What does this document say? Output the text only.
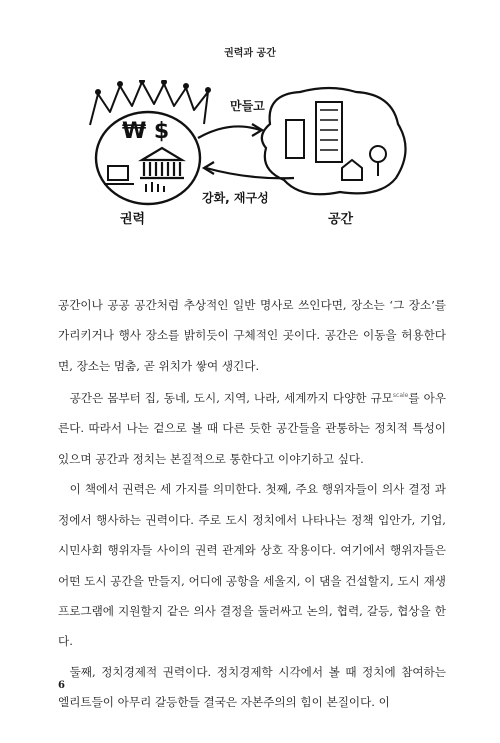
권력과 공간
₩ $
권력
만들고
공간
강화, 재구성

공간이나 공공 공간처럼 추상적인 일반 명사로 쓰인다면, 장소는 ‘그 장소’를 가리키거나 행사 장소를 밝히듯이 구체적인 곳이다. 공간은 이동을 허용한다면, 장소는 멈춤, 곧 위치가 쌓여 생긴다.

공간은 몸부터 집, 동네, 도시, 지역, 나라, 세계까지 다양한 규모$^{scale}$를 아우른다. 따라서 나는 겉으로 볼 때 다른 듯한 공간들을 관통하는 정치적 특성이 있으며 공간과 정치는 본질적으로 통한다고 이야기하고 싶다.

이 책에서 권력은 세 가지를 의미한다. 첫째, 주요 행위자들이 의사 결정 과정에서 행사하는 권력이다. 주로 도시 정치에서 나타나는 정책 입안가, 기업, 시민사회 행위자들 사이의 권력 관계와 상호 작용이다. 여기에서 행위자들은 어떤 도시 공간을 만들지, 어디에 공항을 세울지, 이 댐을 건설할지, 도시 재생 프로그램에 지원할지 같은 의사 결정을 둘러싸고 논의, 협력, 갈등, 협상을 한다.

둘째, 정치경제적 권력이다. 정치경제학 시각에서 볼 때 정치에 참여하는 엘리트들이 아무리 갈등한들 결국은 자본주의의 힘이 본질이다. 이

6
